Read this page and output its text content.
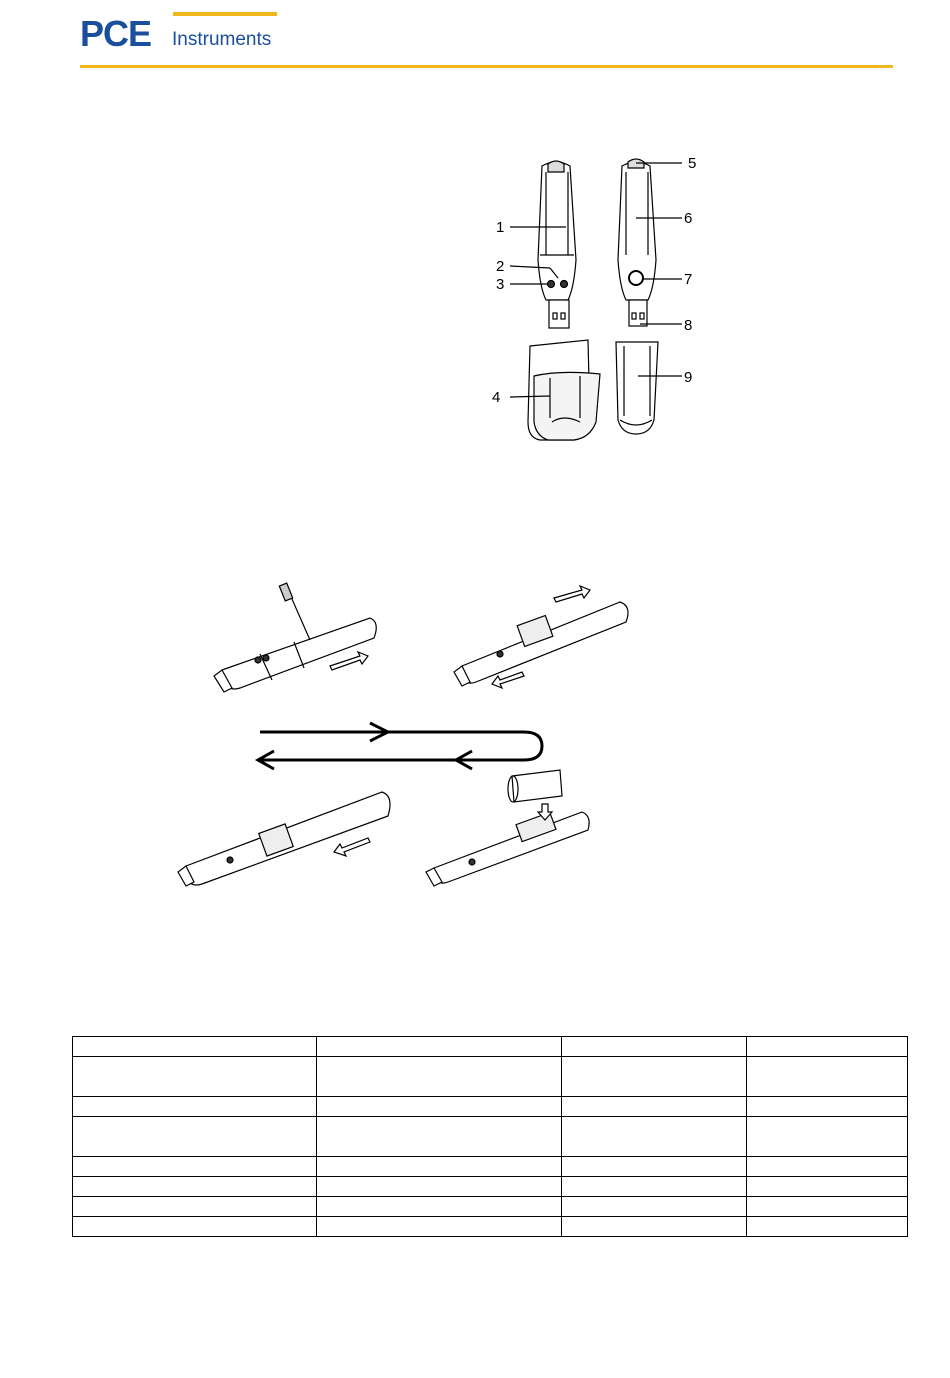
PCE Instruments
1
2
3
4
5
6
7
8
9
